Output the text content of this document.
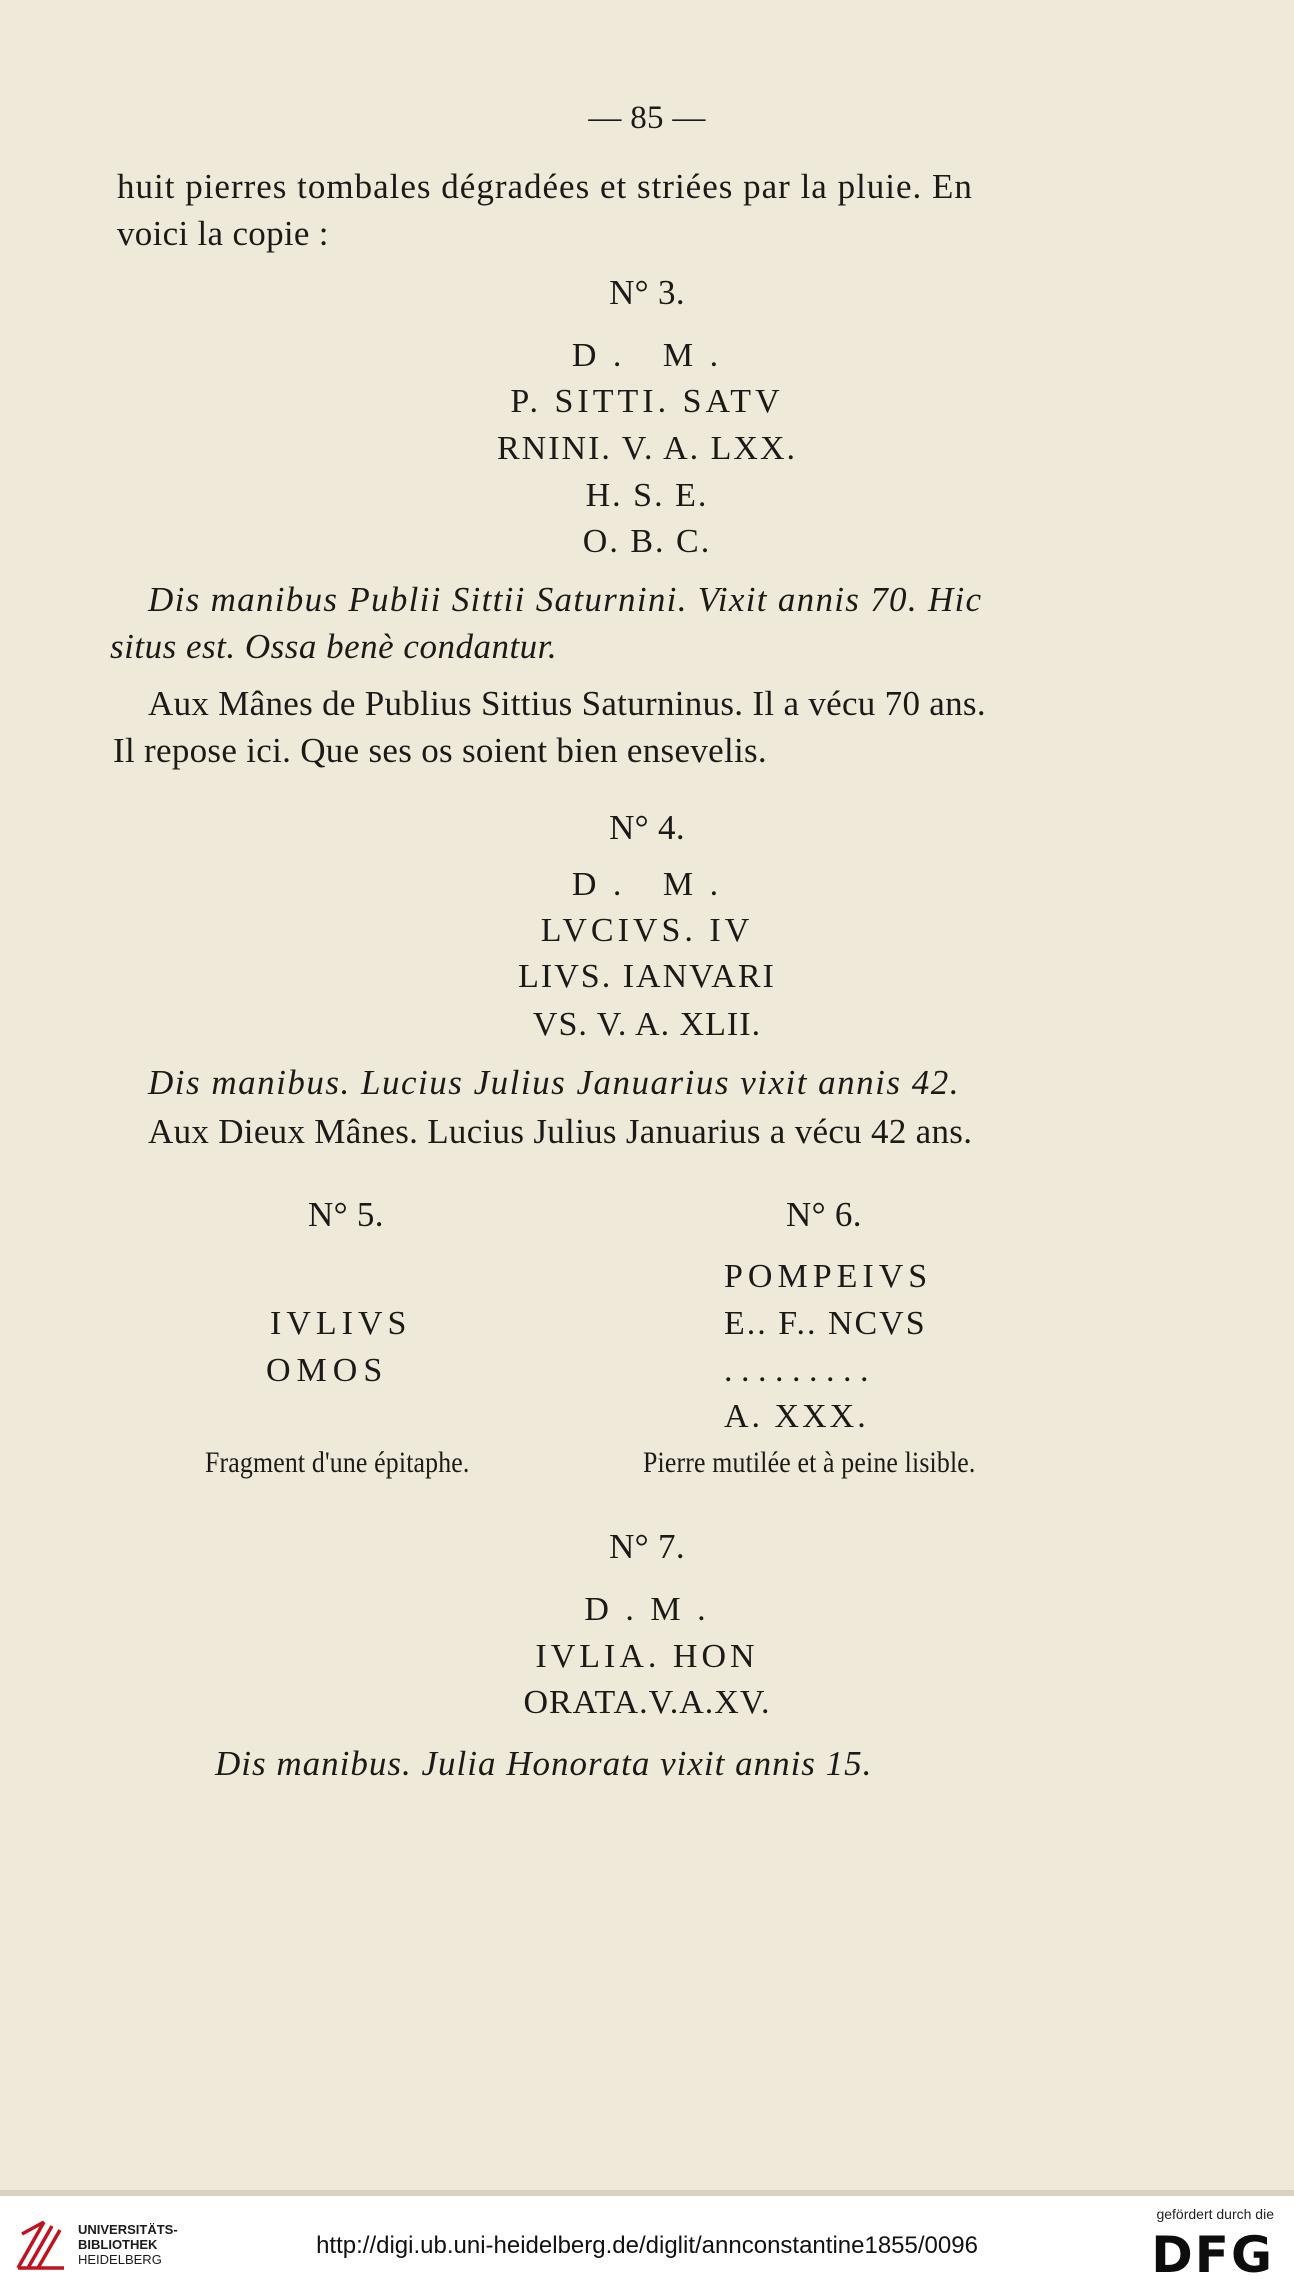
— 85 —
huit pierres tombales dégradées et striées par la pluie. En
voici la copie :
N° 3.
D .   M .
P. SITTI. SATV
RNINI. V. A. LXX.
H. S. E.
O. B. C.
Dis manibus Publii Sittii Saturnini. Vixit annis 70. Hic
situs est. Ossa benè condantur.
Aux Mânes de Publius Sittius Saturninus. Il a vécu 70 ans.
Il repose ici. Que ses os soient bien ensevelis.
N° 4.
D .   M .
LVCIVS. IV
LIVS. IANVARI
VS. V. A. XLII.
Dis manibus. Lucius Julius Januarius vixit annis 42.
Aux Dieux Mânes. Lucius Julius Januarius a vécu 42 ans.
N° 5.
IVLIVS
OMOS
Fragment d'une épitaphe.
N° 6.
POMPEIVS
E.. F.. NCVS
. . . . . . . . .
A. XXX.
Pierre mutilée et à peine lisible.
N° 7.
D . M .
IVLIA. HON
ORATA.V.A.XV.
Dis manibus. Julia Honorata vixit annis 15.
UNIVERSITÄTS-
BIBLIOTHEK
HEIDELBERG
http://digi.ub.uni-heidelberg.de/diglit/annconstantine1855/0096
gefördert durch die
DFG
